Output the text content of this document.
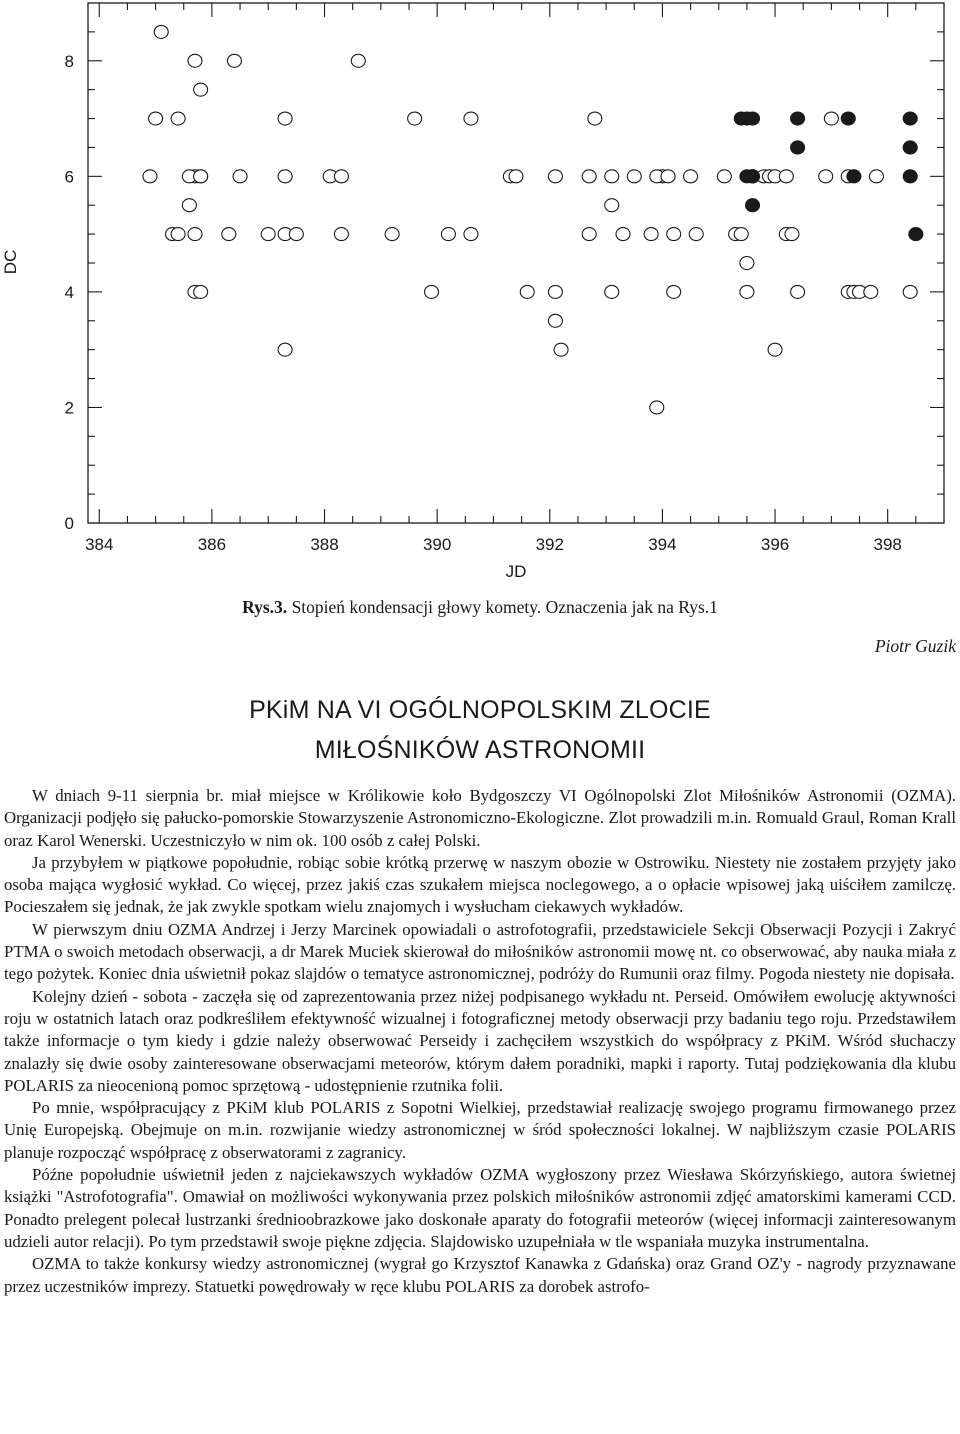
384	386	388	390	392	394	396	398
0
2
4
6
8
JD
DC
Rys.3. Stopień kondensacji głowy komety. Oznaczenia jak na Rys.1
Piotr Guzik
PKiM NA VI OGÓLNOPOLSKIM ZLOCIE
MIŁOŚNIKÓW ASTRONOMII

W dniach 9-11 sierpnia br. miał miejsce w Królikowie koło Bydgoszczy VI Ogólnopolski Zlot Miłośników Astronomii (OZMA). Organizacji podjęło się pałucko-pomorskie Stowarzyszenie Astronomiczno-Ekologiczne. Zlot prowadzili m.in. Romuald Graul, Roman Krall oraz Karol Wenerski. Uczestniczyło w nim ok. 100 osób z całej Polski.

Ja przybyłem w piątkowe popołudnie, robiąc sobie krótką przerwę w naszym obozie w Ostrowiku. Niestety nie zostałem przyjęty jako osoba mająca wygłosić wykład. Co więcej, przez jakiś czas szukałem miejsca noclegowego, a o opłacie wpisowej jaką uiściłem zamilczę. Pocieszałem się jednak, że jak zwykle spotkam wielu znajomych i wysłucham ciekawych wykładów.

W pierwszym dniu OZMA Andrzej i Jerzy Marcinek opowiadali o astrofotografii, przedstawiciele Sekcji Obserwacji Pozycji i Zakryć PTMA o swoich metodach obserwacji, a dr Marek Muciek skierował do miłośników astronomii mowę nt. co obserwować, aby nauka miała z tego pożytek. Koniec dnia uświetnił pokaz slajdów o tematyce astronomicznej, podróży do Rumunii oraz filmy. Pogoda niestety nie dopisała.

Kolejny dzień - sobota - zaczęła się od zaprezentowania przez niżej podpisanego wykładu nt. Perseid. Omówiłem ewolucję aktywności roju w ostatnich latach oraz podkreśliłem efektywność wizualnej i fotograficznej metody obserwacji przy badaniu tego roju. Przedstawiłem także informacje o tym kiedy i gdzie należy obserwować Perseidy i zachęciłem wszystkich do współpracy z PKiM. Wśród słuchaczy znalazły się dwie osoby zainteresowane obserwacjami meteorów, którym dałem poradniki, mapki i raporty. Tutaj podziękowania dla klubu POLARIS za nieocenioną pomoc sprzętową - udostępnienie rzutnika folii.

Po mnie, współpracujący z PKiM klub POLARIS z Sopotni Wielkiej, przedstawiał realizację swojego programu firmowanego przez Unię Europejską. Obejmuje on m.in. rozwijanie wiedzy astronomicznej w śród społeczności lokalnej. W najbliższym czasie POLARIS planuje rozpocząć współpracę z obserwatorami z zagranicy.

Późne popołudnie uświetnił jeden z najciekawszych wykładów OZMA wygłoszony przez Wiesława Skórzyńskiego, autora świetnej książki "Astrofotografia". Omawiał on możliwości wykonywania przez polskich miłośników astronomii zdjęć amatorskimi kamerami CCD. Ponadto prelegent polecał lustrzanki średnioobrazkowe jako doskonałe aparaty do fotografii meteorów (więcej informacji zainteresowanym udzieli autor relacji). Po tym przedstawił swoje piękne zdjęcia. Slajdowisko uzupełniała w tle wspaniała muzyka instrumentalna.

OZMA to także konkursy wiedzy astronomicznej (wygrał go Krzysztof Kanawka z Gdańska) oraz Grand OZ'y - nagrody przyznawane przez uczestników imprezy. Statuetki powędrowały w ręce klubu POLARIS za dorobek astrofo-
